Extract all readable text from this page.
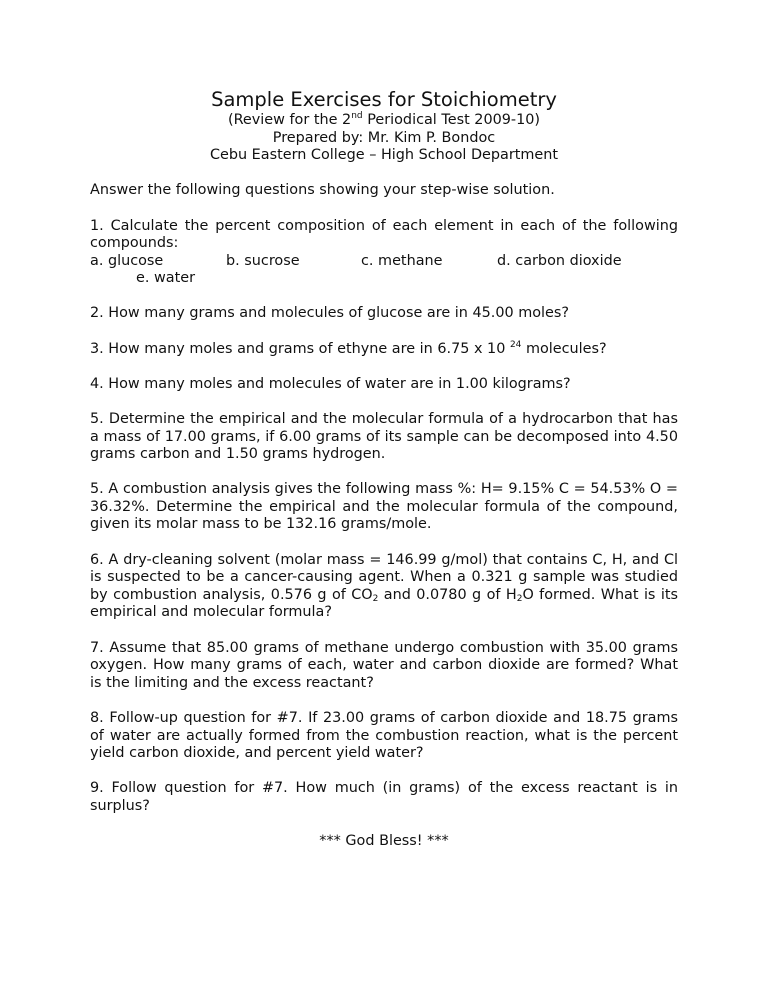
Sample Exercises for Stoichiometry

(Review for the 2nd Periodical Test 2009-10)

Prepared by: Mr. Kim P. Bondoc

Cebu Eastern College – High School Department

Answer the following questions showing your step-wise solution.

1. Calculate the percent composition of each element in each of the following compounds:

a. glucose	b. sucrose	c. methane	d. carbon dioxide
e. water

2. How many grams and molecules of glucose are in 45.00 moles?

3. How many moles and grams of ethyne are in 6.75 x 10 $^{24}$ molecules?

4. How many moles and molecules of water are in 1.00 kilograms?

5. Determine the empirical and the molecular formula of a hydrocarbon that has a mass of 17.00 grams, if 6.00 grams of its sample can be decomposed into 4.50 grams carbon and 1.50 grams hydrogen.

5. A combustion analysis gives the following mass %: H= 9.15% C = 54.53% O = 36.32%. Determine the empirical and the molecular formula of the compound, given its molar mass to be 132.16 grams/mole.

6. A dry-cleaning solvent (molar mass = 146.99 g/mol) that contains C, H, and Cl is suspected to be a cancer-causing agent. When a 0.321 g sample was studied by combustion analysis, 0.576 g of $CO_2$ and 0.0780 g of $H_2O$ formed. What is its empirical and molecular formula?

7. Assume that 85.00 grams of methane undergo combustion with 35.00 grams oxygen. How many grams of each, water and carbon dioxide are formed? What is the limiting and the excess reactant?

8. Follow-up question for #7. If 23.00 grams of carbon dioxide and 18.75 grams of water are actually formed from the combustion reaction, what is the percent yield carbon dioxide, and percent yield water?

9. Follow question for #7. How much (in grams) of the excess reactant is in surplus?

*** God Bless! ***
